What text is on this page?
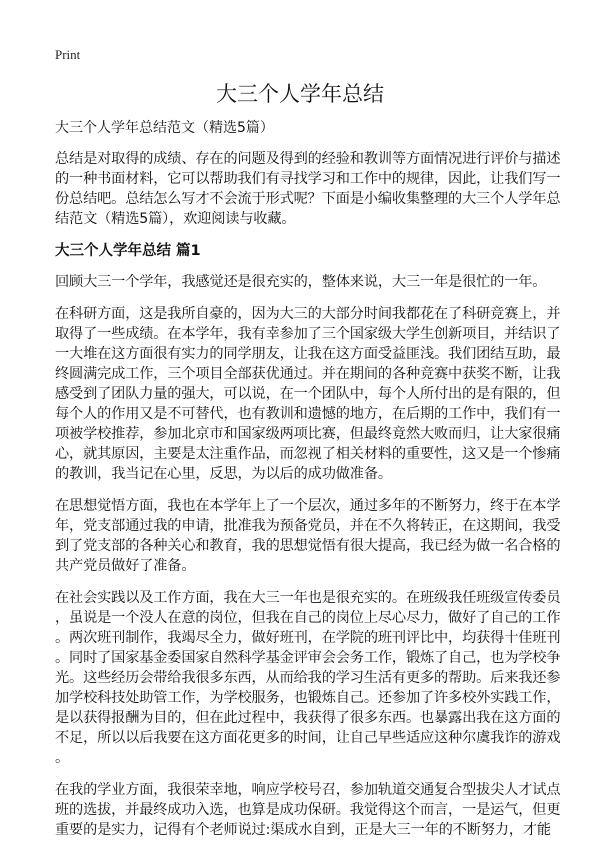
Print
大三个人学年总结
大三个人学年总结范文（精选5篇）
总结是对取得的成绩、存在的问题及得到的经验和教训等方面情况进行评价与描述
的一种书面材料，它可以帮助我们有寻找学习和工作中的规律，因此，让我们写一
份总结吧。总结怎么写才不会流于形式呢？下面是小编收集整理的大三个人学年总
结范文（精选5篇），欢迎阅读与收藏。
大三个人学年总结 篇1
回顾大三一个学年，我感觉还是很充实的，整体来说，大三一年是很忙的一年。
在科研方面，这是我所自豪的，因为大三的大部分时间我都花在了科研竞赛上，并
取得了一些成绩。在本学年，我有幸参加了三个国家级大学生创新项目，并结识了
一大堆在这方面很有实力的同学朋友，让我在这方面受益匪浅。我们团结互助，最
终圆满完成工作，三个项目全部获优通过。并在期间的各种竞赛中获奖不断，让我
感受到了团队力量的强大，可以说，在一个团队中，每个人所付出的是有限的，但
每个人的作用又是不可替代，也有教训和遗憾的地方，在后期的工作中，我们有一
项被学校推荐，参加北京市和国家级两项比赛，但最终竟然大败而归，让大家很痛
心，就其原因，主要是太注重作品，而忽视了相关材料的重要性，这又是一个惨痛
的教训，我当记在心里，反思，为以后的成功做准备。
在思想觉悟方面，我也在本学年上了一个层次，通过多年的不断努力，终于在本学
年，党支部通过我的申请，批准我为预备党员，并在不久将转正，在这期间，我受
到了党支部的各种关心和教育，我的思想觉悟有很大提高，我已经为做一名合格的
共产党员做好了准备。
在社会实践以及工作方面，我在大三一年也是很充实的。在班级我任班级宣传委员
，虽说是一个没人在意的岗位，但我在自己的岗位上尽心尽力，做好了自己的工作
。两次班刊制作，我竭尽全力，做好班刊，在学院的班刊评比中，均获得十佳班刊
。同时了国家基金委国家自然科学基金评审会会务工作，锻炼了自己，也为学校争
光。这些经历会带给我很多东西，从而给我的学习生活有更多的帮助。后来我还参
加学校科技处助管工作，为学校服务，也锻炼自己。还参加了许多校外实践工作，
是以获得报酬为目的，但在此过程中，我获得了很多东西。也暴露出我在这方面的
不足，所以以后我要在这方面花更多的时间，让自己早些适应这种尔虞我诈的游戏
。
在我的学业方面，我很荣幸地，响应学校号召，参加轨道交通复合型拔尖人才试点
班的选拔，并最终成功入选，也算是成功保研。我觉得这个而言，一是运气，但更
重要的是实力，记得有个老师说过:渠成水自到，正是大三一年的不断努力，才能
